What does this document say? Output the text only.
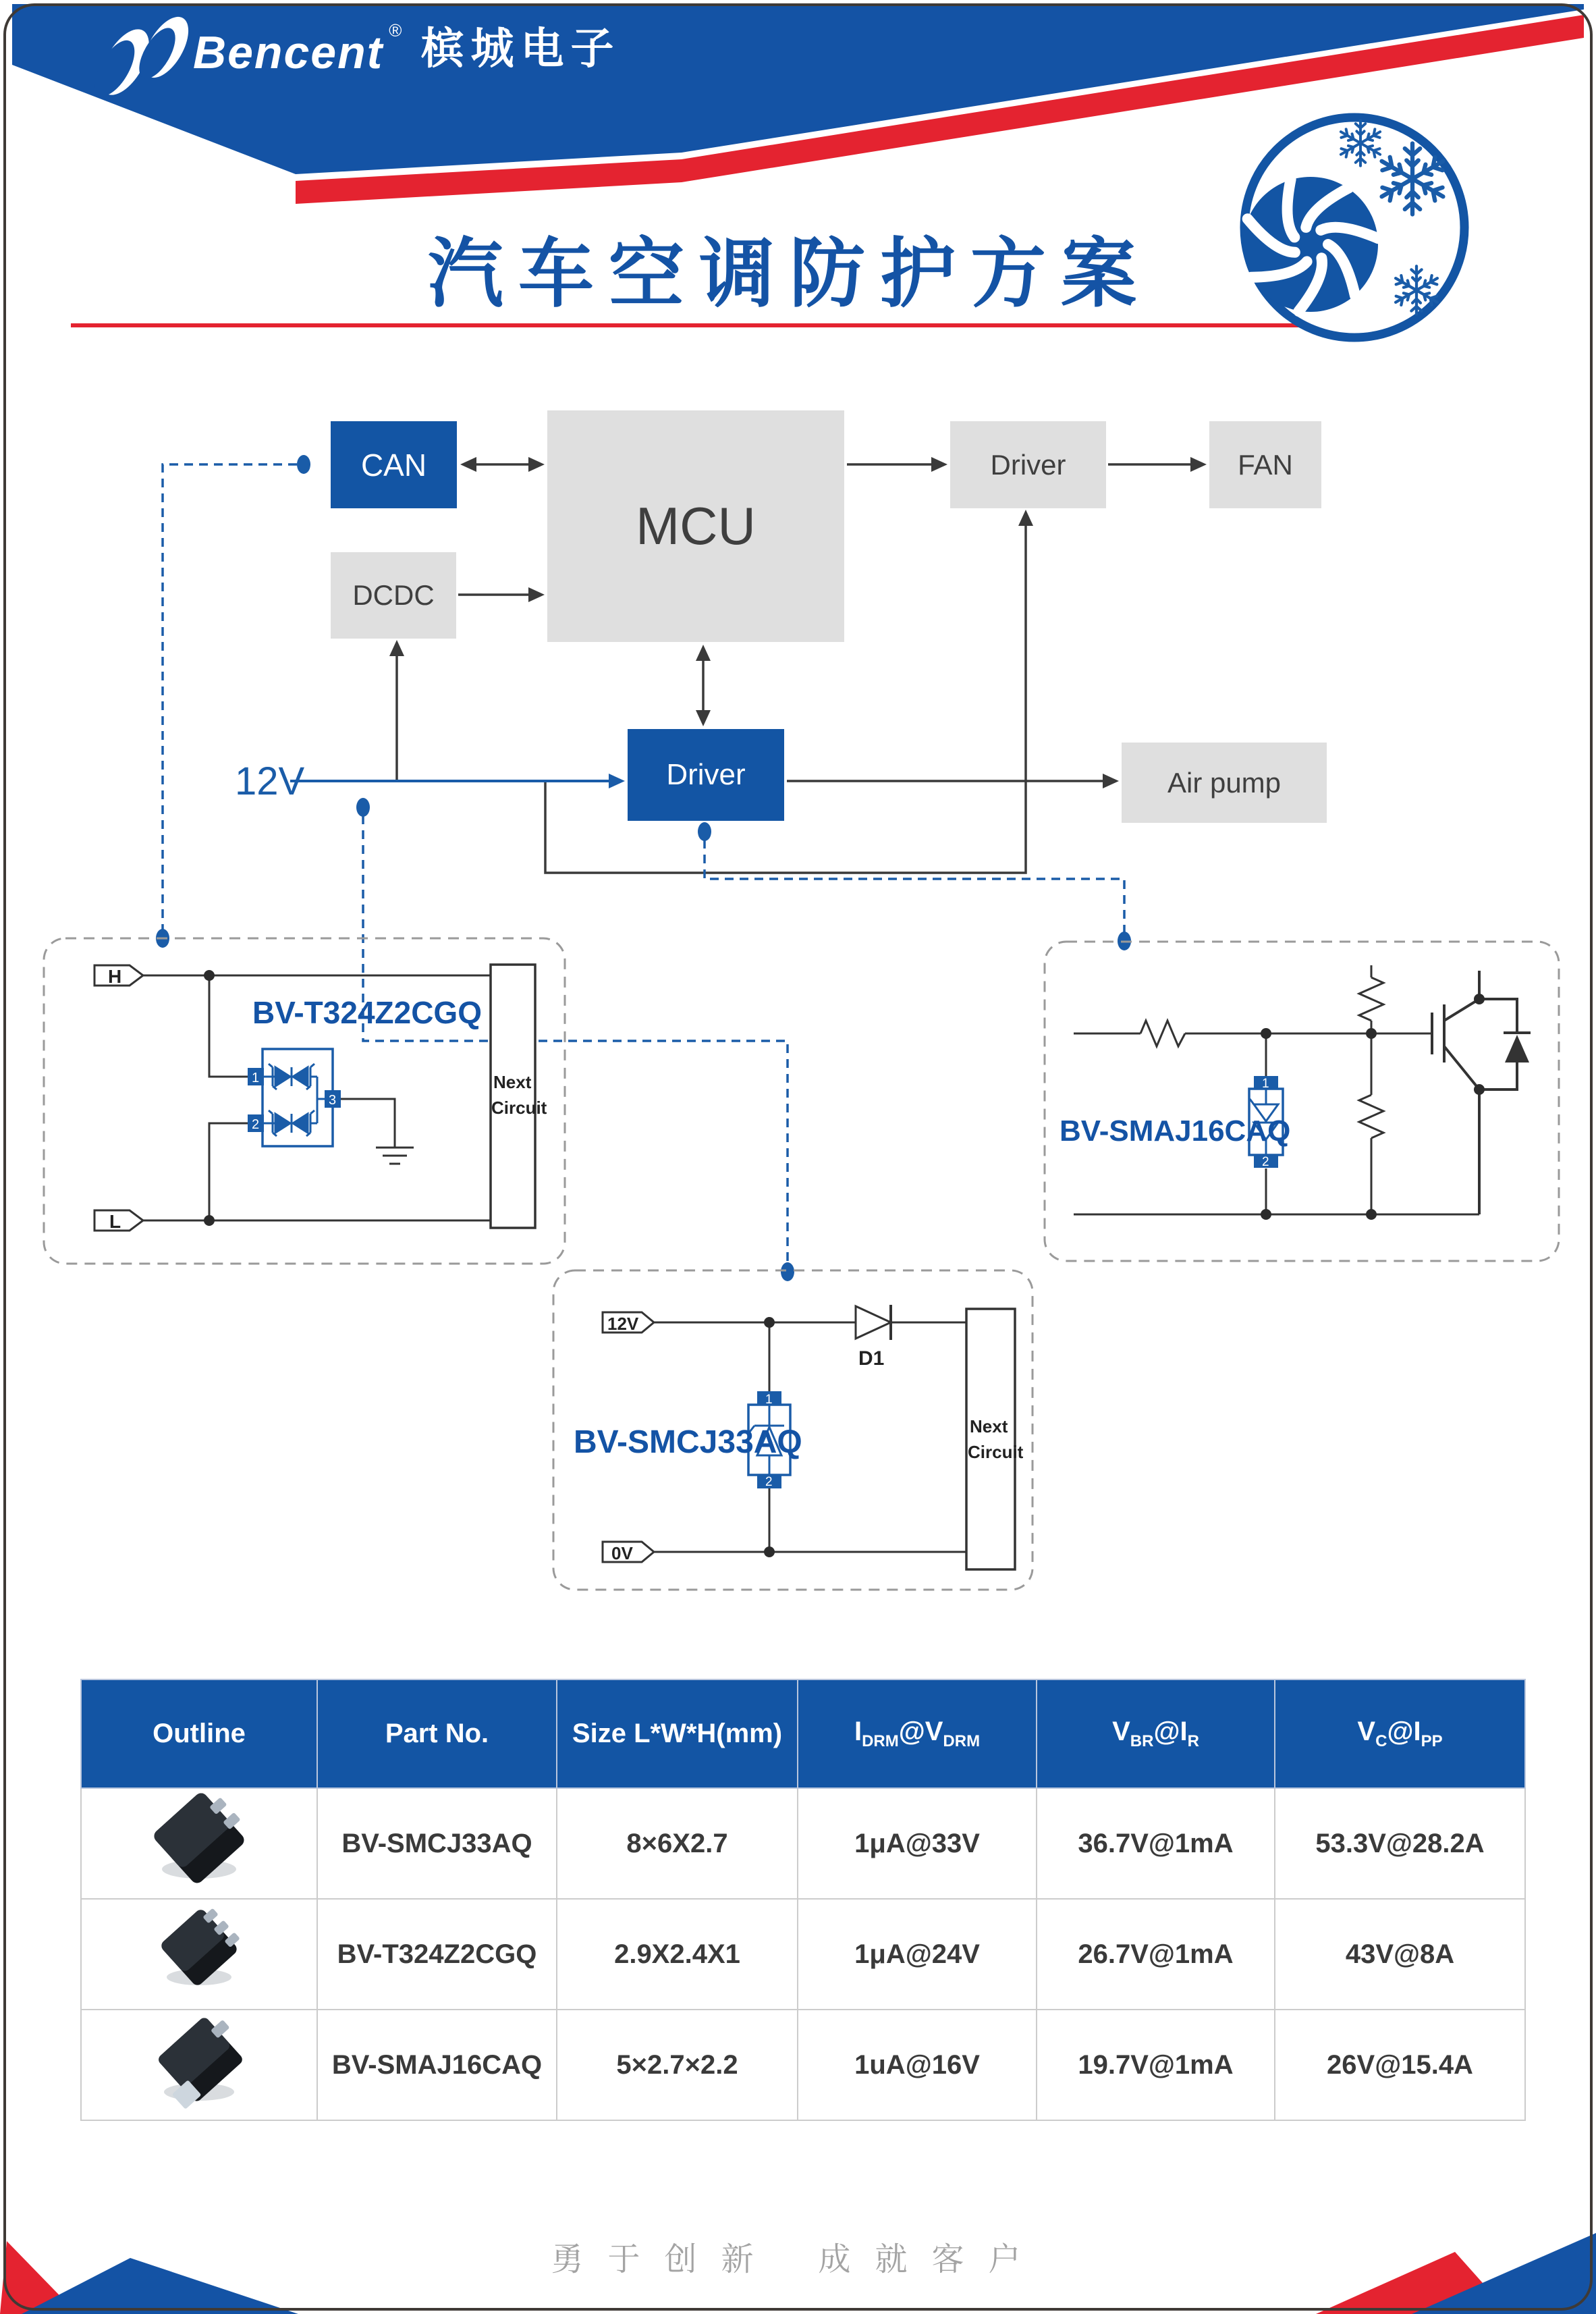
Bencent ® 槟城电子
汽车空调防护方案
H
L
Next
Circuit
1
2
3
BV-T324Z2CGQ
12V
0V
D1
Next
Circuit
1
2
BV-SMCJ33AQ
1
2
BV-SMAJ16CAQ
CAN
MCU
Driver	FAN
DCDC
Driver	Air pump
12V
Outline	Part No.	Size L*W*H(mm)	$I_{DRM}@V_{DRM}$	$V_{BR}@I_R$	$V_C@I_{PP}$
	BV-SMCJ33AQ	8×6X2.7	1μA@33V	36.7V@1mA	53.3V@28.2A
	BV-T324Z2CGQ	2.9X2.4X1	1μA@24V	26.7V@1mA	43V@8A
	BV-SMAJ16CAQ	5×2.7×2.2	1uA@16V	19.7V@1mA	26V@15.4A
勇于创新 成就客户
